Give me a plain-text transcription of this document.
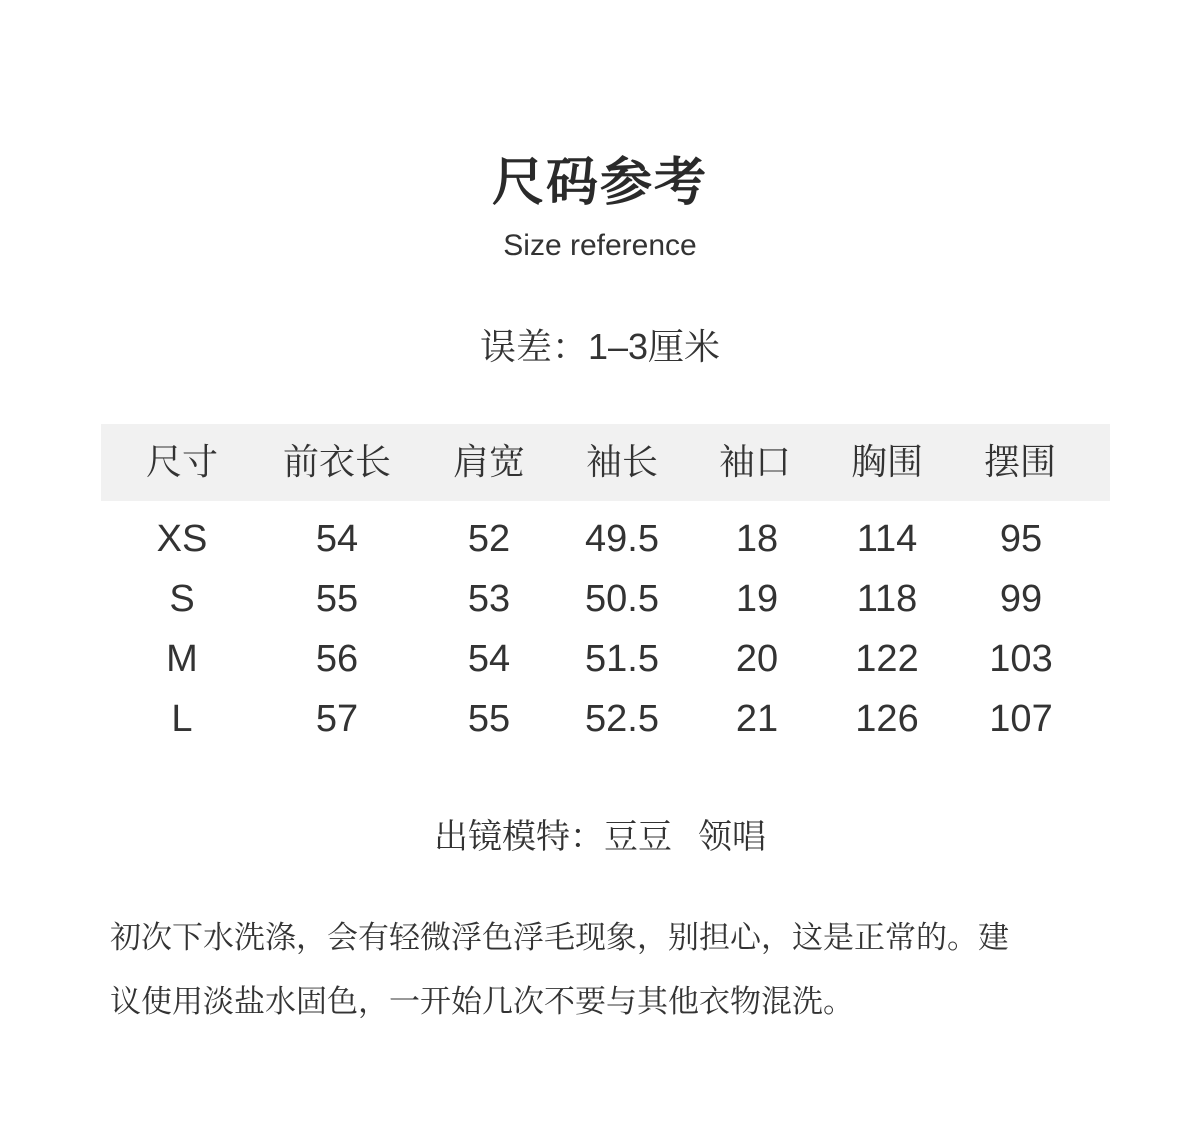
尺码参考
Size reference
误差：1–3厘米
尺寸 前衣长 肩宽 袖长 袖口 胸围 摆围
XS	54	52 49.5 18 114 95
S	55	53 50.5 19 118 99
M	56	54 51.5 20 122 103
L	57	55 52.5 21 126 107
出镜模特：豆豆 领唱
初次下水洗涤，会有轻微浮色浮毛现象，别担心，这是正常的。建
议使用淡盐水固色，一开始几次不要与其他衣物混洗。
